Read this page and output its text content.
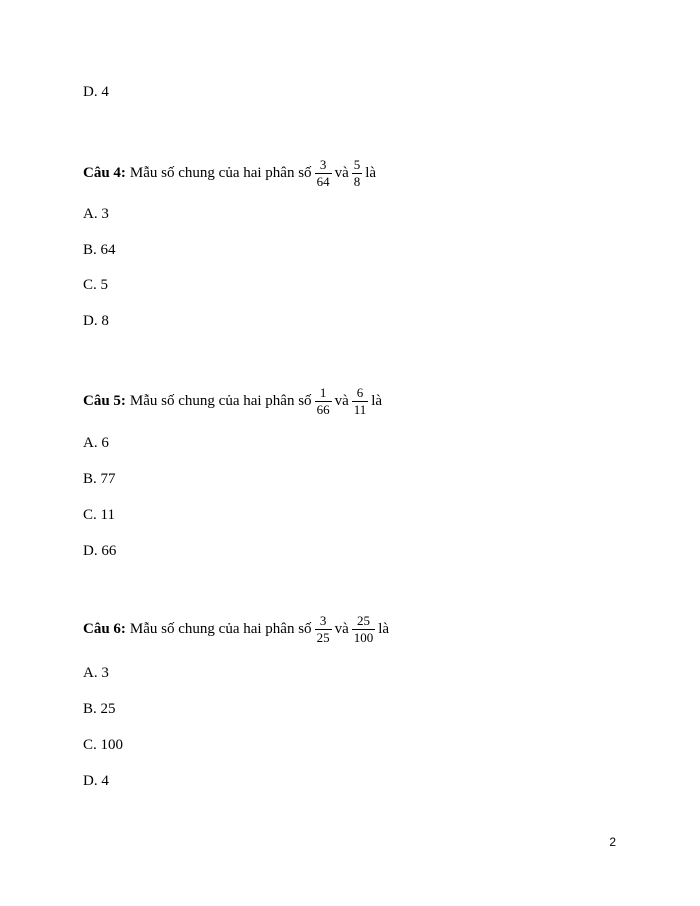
D. 4
Câu 4: Mẫu số chung của hai phân số $\frac{3}{64}$ và $\frac{5}{8}$ là
A. 3
B. 64
C. 5
D. 8
Câu 5: Mẫu số chung của hai phân số $\frac{1}{66}$ và $\frac{6}{11}$ là
A. 6
B. 77
C. 11
D. 66
Câu 6: Mẫu số chung của hai phân số $\frac{3}{25}$ và $\frac{25}{100}$ là
A. 3
B. 25
C. 100
D. 4
2
